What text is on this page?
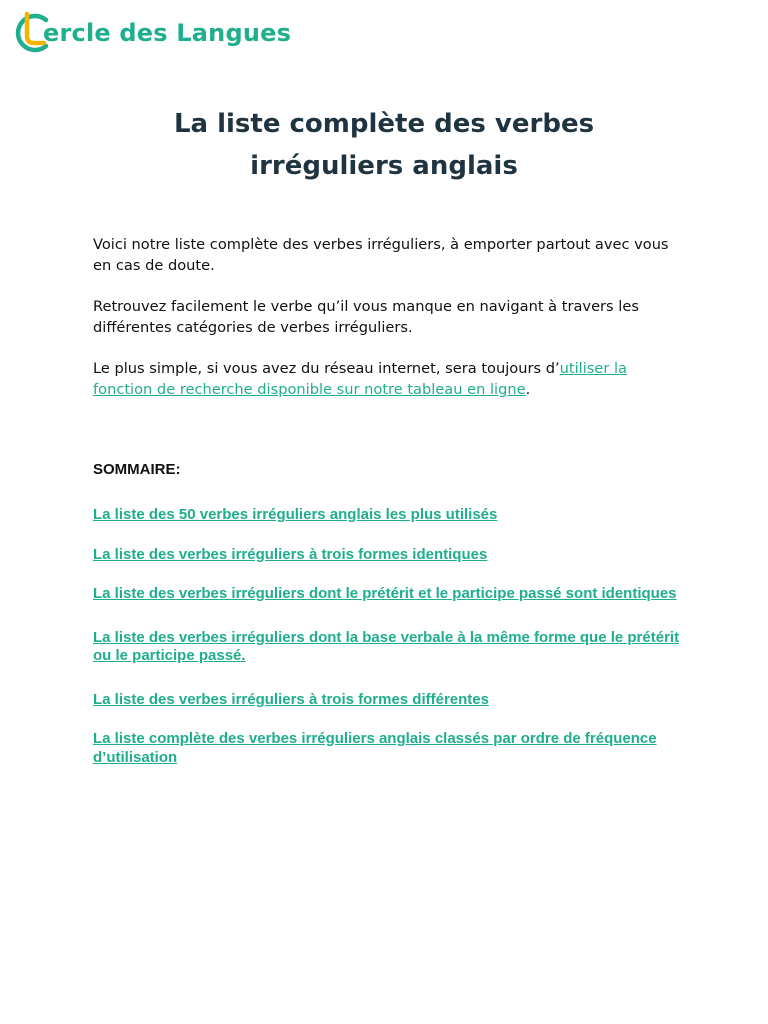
ercle des Langues
La liste complète des verbes irréguliers anglais

Voici notre liste complète des verbes irréguliers, à emporter partout avec vous en cas de doute.

Retrouvez facilement le verbe qu’il vous manque en navigant à travers les différentes catégories de verbes irréguliers.

Le plus simple, si vous avez du réseau internet, sera toujours d’utiliser la fonction de recherche disponible sur notre tableau en ligne.

SOMMAIRE:
La liste des 50 verbes irréguliers anglais les plus utilisés
La liste des verbes irréguliers à trois formes identiques
La liste des verbes irréguliers dont le prétérit et le participe passé sont identiques
La liste des verbes irréguliers dont la base verbale à la même forme que le prétérit ou le participe passé.
La liste des verbes irréguliers à trois formes différentes
La liste complète des verbes irréguliers anglais classés par ordre de fréquence d’utilisation
